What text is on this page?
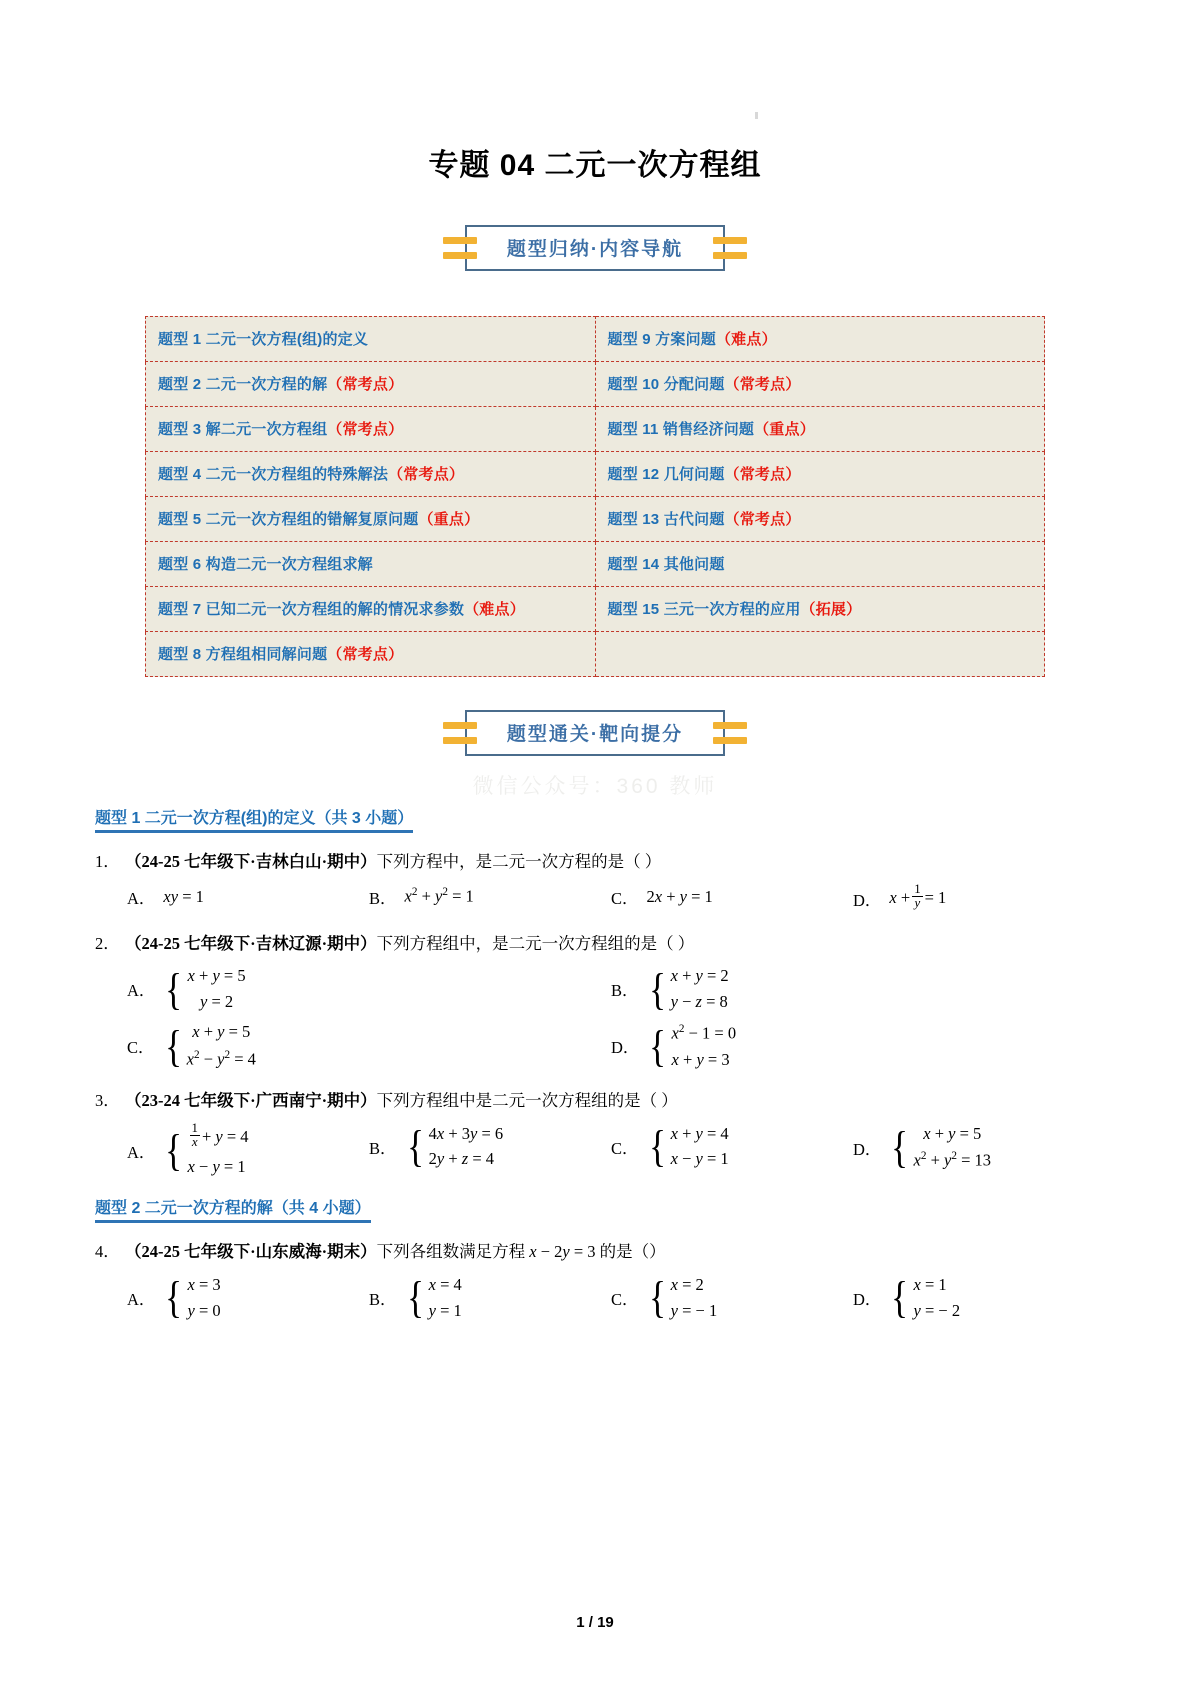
专题 04 二元一次方程组
题型归纳·内容导航
题型 1 二元一次方程(组)的定义	题型 9 方案问题（难点）
题型 2 二元一次方程的解（常考点）	题型 10 分配问题（常考点）
题型 3 解二元一次方程组（常考点）	题型 11 销售经济问题（重点）
题型 4 二元一次方程组的特殊解法（常考点）	题型 12 几何问题（常考点）
题型 5 二元一次方程组的错解复原问题（重点）	题型 13 古代问题（常考点）
题型 6 构造二元一次方程组求解	题型 14 其他问题
题型 7 已知二元一次方程组的解的情况求参数（难点）	题型 15 三元一次方程的应用（拓展）
题型 8 方程组相同解问题（常考点）	
题型通关·靶向提分
微信公众号：360 教师
题型 1 二元一次方程(组)的定义（共 3 小题）
1． （24-25 七年级下·吉林白山·期中）下列方程中，是二元一次方程的是（ ）
A． xy = 1	B． $x^2 + y^2 = 1$	C． 2x + y = 1	D． $x + \frac{1}{y} = 1$
2． （24-25 七年级下·吉林辽源·期中）下列方程组中，是二元一次方程组的是（ ）
A． { x + y = 5
y = 2
B． { x + y = 2
y − z = 8
C． { x + y = 5
$x^2 - y^2 = 4$
D． { $x^2 - 1 = 0$
x + y = 3
3． （23-24 七年级下·广西南宁·期中）下列方程组中是二元一次方程组的是（ ）
A． { $\frac{1}{x} + y = 4$
x − y = 1
B． { 4x + 3y = 6
2y + z = 4
C． { x + y = 4
x − y = 1
D． { x + y = 5
$x^2 + y^2 = 13$
题型 2 二元一次方程的解（共 4 小题）
4． （24-25 七年级下·山东威海·期末）下列各组数满足方程 x − 2y = 3 的是（）
A． { x = 3
y = 0
B． { x = 4
y = 1
C． { x = 2
y = − 1
D． { x = 1
y = − 2
1 / 19
